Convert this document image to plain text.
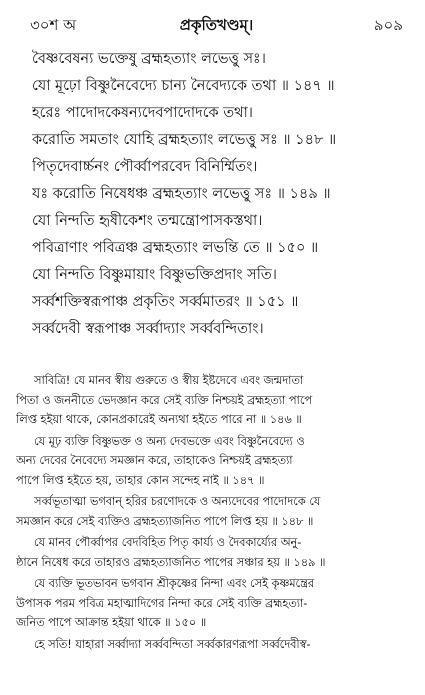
৩০শ অ	প্রকৃতিখণ্ডম্।	৯০৯
বৈষ্ণবেষন্য ভক্তেষু ব্রহ্মহত্যাং লভেত্তু সঃ।
যো মূঢ়ো বিষ্ণুনৈবেদ্যে চান্য নৈবেদ্যকে তথা ॥ ১৪৭ ॥
হরেঃ পাদোদকেষন্যদেবপাদোদকে তথা।
করোতি সমতাং যোহি ব্রহ্মহত্যাং লভেত্তু সঃ ॥ ১৪৮ ॥
পিতৃদেবার্চ্চনং পৌর্ব্বাপরবেদ বিনির্ম্মিতং।
যঃ করোতি নিষেধঞ্চ ব্রহ্মহত্যাং লভেত্তু সঃ ॥ ১৪৯ ॥
যো নিন্দতি হৃষীকেশং তন্মন্ত্রোপাসকস্তথা।
পবিত্রাণাং পবিত্রঞ্চ ব্রহ্মহত্যাং লভন্তি তে ॥ ১৫০ ॥
যো নিন্দতি বিষ্ণুমায়াং বিষ্ণুভক্তিপ্রদাং সতি।
সর্ব্বশক্তিস্বরূপাঞ্চ প্রকৃতিং সর্ব্বমাতরং ॥ ১৫১ ॥
সর্ব্বদেবী স্বরূপাঞ্চ সর্ব্বাদ্যাং সর্ব্ববন্দিতাং।
সাবিত্রি! যে মানব স্বীয় গুরুতে ও স্বীয় ইষ্টদেবে এবং জন্মদাতা
পিতা ও জননীতে ভেদজ্ঞান করে সেই ব্যক্তি নিশ্চয়ই ব্রহ্মহত্যা পাপে
লিপ্ত হইয়া থাকে, কোনপ্রকারেই অন্যথা হইতে পারে না ॥ ১৪৬ ॥
যে মূঢ় ব্যক্তি বিষ্ণুভক্ত ও অন্য দেবভক্তে এবং বিষ্ণুনৈবেদ্যে ও
অন্য দেবের নৈবেদ্যে সমজ্ঞান করে, তাহাকেও নিশ্চয়ই ব্রহ্মহত্যা
পাপে লিপ্ত হইতে হয়, তাহার কোন সন্দেহ নাই ॥ ১৪৭ ॥
সর্ব্বভূতাত্মা ভগবান্ হরির চরণোদকে ও অন্যদেবের পাদোদকে যে
সমজ্ঞান করে সেই ব্যক্তিও ব্রহ্মহত্যাজনিত পাপে লিপ্ত হয় ॥ ১৪৮ ॥
যে মানব পৌর্ব্বাপর বেদবিহিত পিতৃ কার্য্য ও দৈবকার্য্যের অনু-
ষ্ঠানে নিষেধ করে তাহারও ব্রহ্মহত্যাজনিত পাপের সঞ্চার হয় ॥ ১৪৯ ॥
যে ব্যক্তি ভূতভাবন ভগবান শ্রীকৃষ্ণের নিন্দা এবং সেই কৃষ্ণমন্ত্রের
উপাসক পরম পবিত্র মহাত্মাদিগের নিন্দা করে সেই ব্যক্তি ব্রহ্মহত্যা-
জনিত পাপে আক্রান্ত হইয়া থাকে ॥ ১৫০ ॥
হে সতি! যাহারা সর্ব্বাদ্যা সর্ব্ববন্দিতা সর্ব্বকারণরূপা সর্ব্বদেবীস্ব-
